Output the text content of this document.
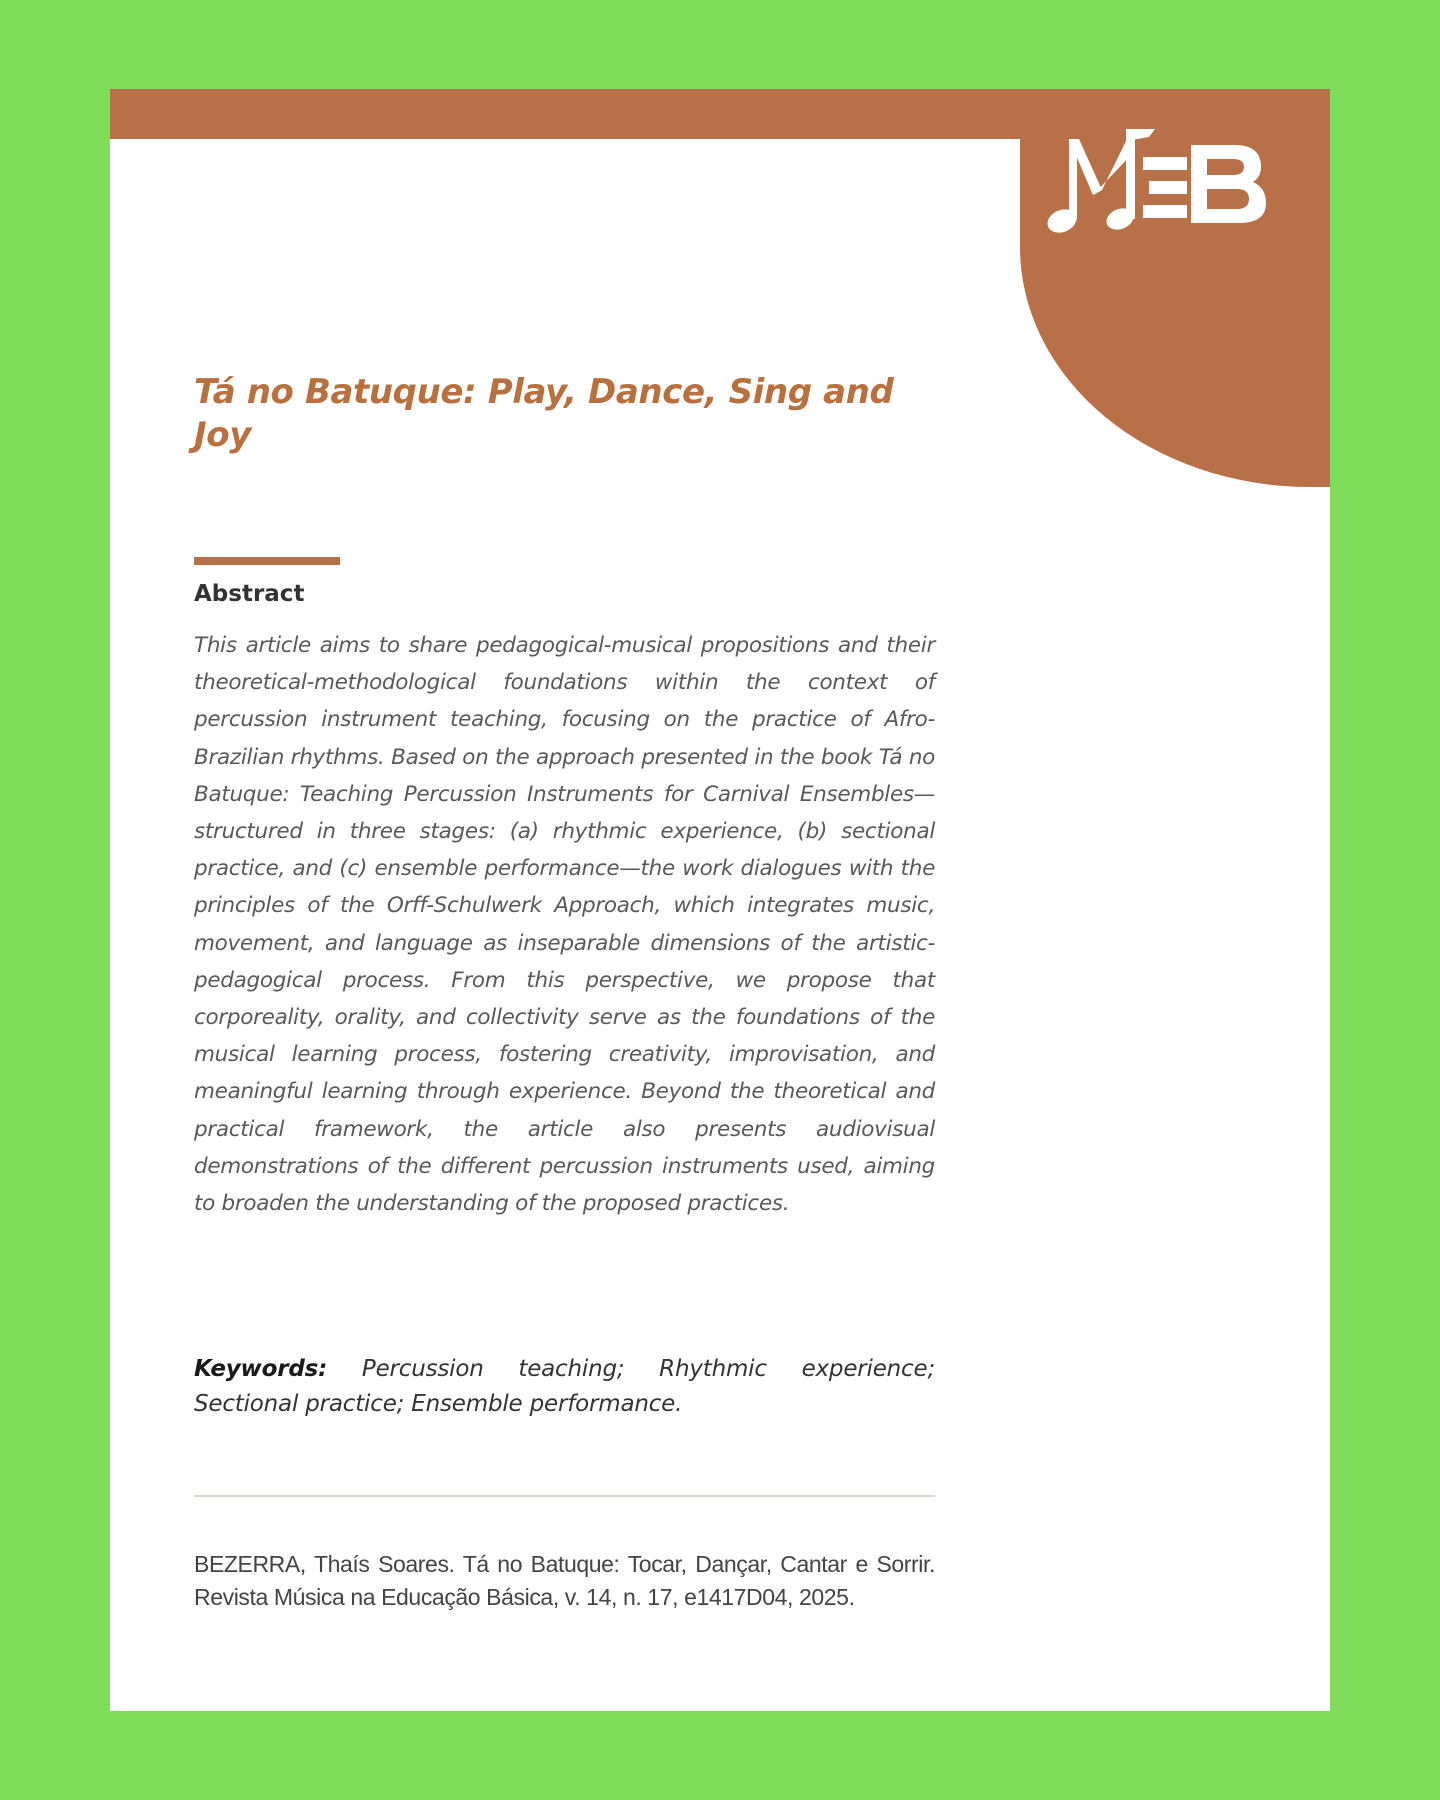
Tá no Batuque: Play, Dance, Sing and Joy
Abstract

This article aims to share pedagogical-musical propositions and their theoretical-methodological foundations within the context of percussion instrument teaching, focusing on the practice of Afro-Brazilian rhythms. Based on the approach presented in the book Tá no Batuque: Teaching Percussion Instruments for Carnival Ensembles—structured in three stages: (a) rhythmic experience, (b) sectional practice, and (c) ensemble performance—the work dialogues with the principles of the Orff-Schulwerk Approach, which integrates music, movement, and language as inseparable dimensions of the artistic-pedagogical process. From this perspective, we propose that corporeality, orality, and collectivity serve as the foundations of the musical learning process, fostering creativity, improvisation, and meaningful learning through experience. Beyond the theoretical and practical framework, the article also presents audiovisual demonstrations of the different percussion instruments used, aiming to broaden the understanding of the proposed practices.

Keywords: Percussion teaching; Rhythmic experience; Sectional practice; Ensemble performance.

BEZERRA, Thaís Soares. Tá no Batuque: Tocar, Dançar, Cantar e Sorrir. Revista Música na Educação Básica, v. 14, n. 17, e1417D04, 2025.
